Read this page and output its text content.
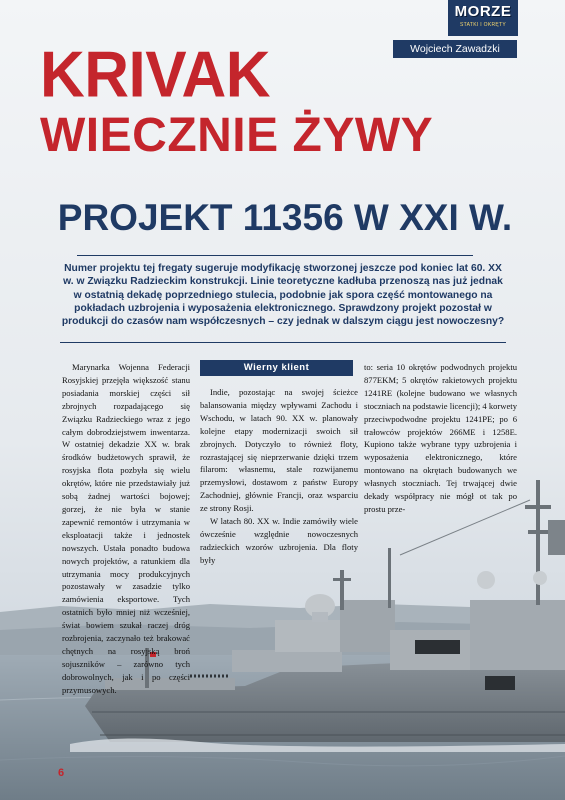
MORZE
STATKI I OKRĘTY
Wojciech Zawadzki
KRIVAK
WIECZNIE ŻYWY
PROJEKT 11356 W XXI W.
Numer projektu tej fregaty sugeruje modyfikację stworzonej jeszcze pod koniec lat 60. XX w. w Związku Radzieckim konstrukcji. Linie teoretyczne kadłuba przenoszą nas już jednak w ostatnią dekadę poprzedniego stulecia, podobnie jak spora część montowanego na pokładach uzbrojenia i wyposażenia elektronicznego. Sprawdzony projekt pozostał w produkcji do czasów nam współczesnych – czy jednak w dalszym ciągu jest nowoczesny?

Marynarka Wojenna Federacji Rosyjskiej przejęła większość stanu posiadania morskiej części sił zbrojnych rozpadającego się Związku Radzieckiego wraz z jego całym dobrodziejstwem inwentarza. W ostatniej dekadzie XX w. brak środków budżetowych sprawił, że rosyjska flota pozbyła się wielu okrętów, które nie przedstawiały już sobą żadnej wartości bojowej; gorzej, że nie była w stanie zapewnić remontów i utrzymania w eksploatacji także i jednostek nowszych. Ustała ponadto budowa nowych projektów, a ratunkiem dla utrzymania mocy produkcyjnych pozostawały w zasadzie tylko zamówienia eksportowe. Tych ostatnich było mniej niż wcześniej, świat bowiem szukał raczej dróg rozbrojenia, zaczynało też brakować chętnych na rosyjską broń sojuszników – zarówno tych dobrowolnych, jak i po części przymusowych.

Wierny klient

Indie, pozostając na swojej ścieżce balansowania między wpływami Zachodu i Wschodu, w latach 90. XX w. planowały kolejne etapy modernizacji swoich sił zbrojnych. Dotyczyło to również floty, rozrastającej się nieprzerwanie dzięki trzem filarom: własnemu, stale rozwijanemu przemysłowi, dostawom z państw Europy Zachodniej, głównie Francji, oraz wsparciu ze strony Rosji.

W latach 80. XX w. Indie zamówiły wiele ówcześnie względnie nowoczesnych radzieckich wzorów uzbrojenia. Dla floty były

to: seria 10 okrętów podwodnych projektu 877EKM; 5 okrętów rakietowych projektu 1241RE (kolejne budowano we własnych stoczniach na podstawie licencji); 4 korwety przeciwpodwodne projektu 1241PE; po 6 trałowców projektów 266ME i 1258E. Kupiono także wybrane typy uzbrojenia i wyposażenia elektronicznego, które montowano na okrętach budowanych we własnych stoczniach. Tej trwającej dwie dekady współpracy nie mógł ot tak po prostu prze-

6
